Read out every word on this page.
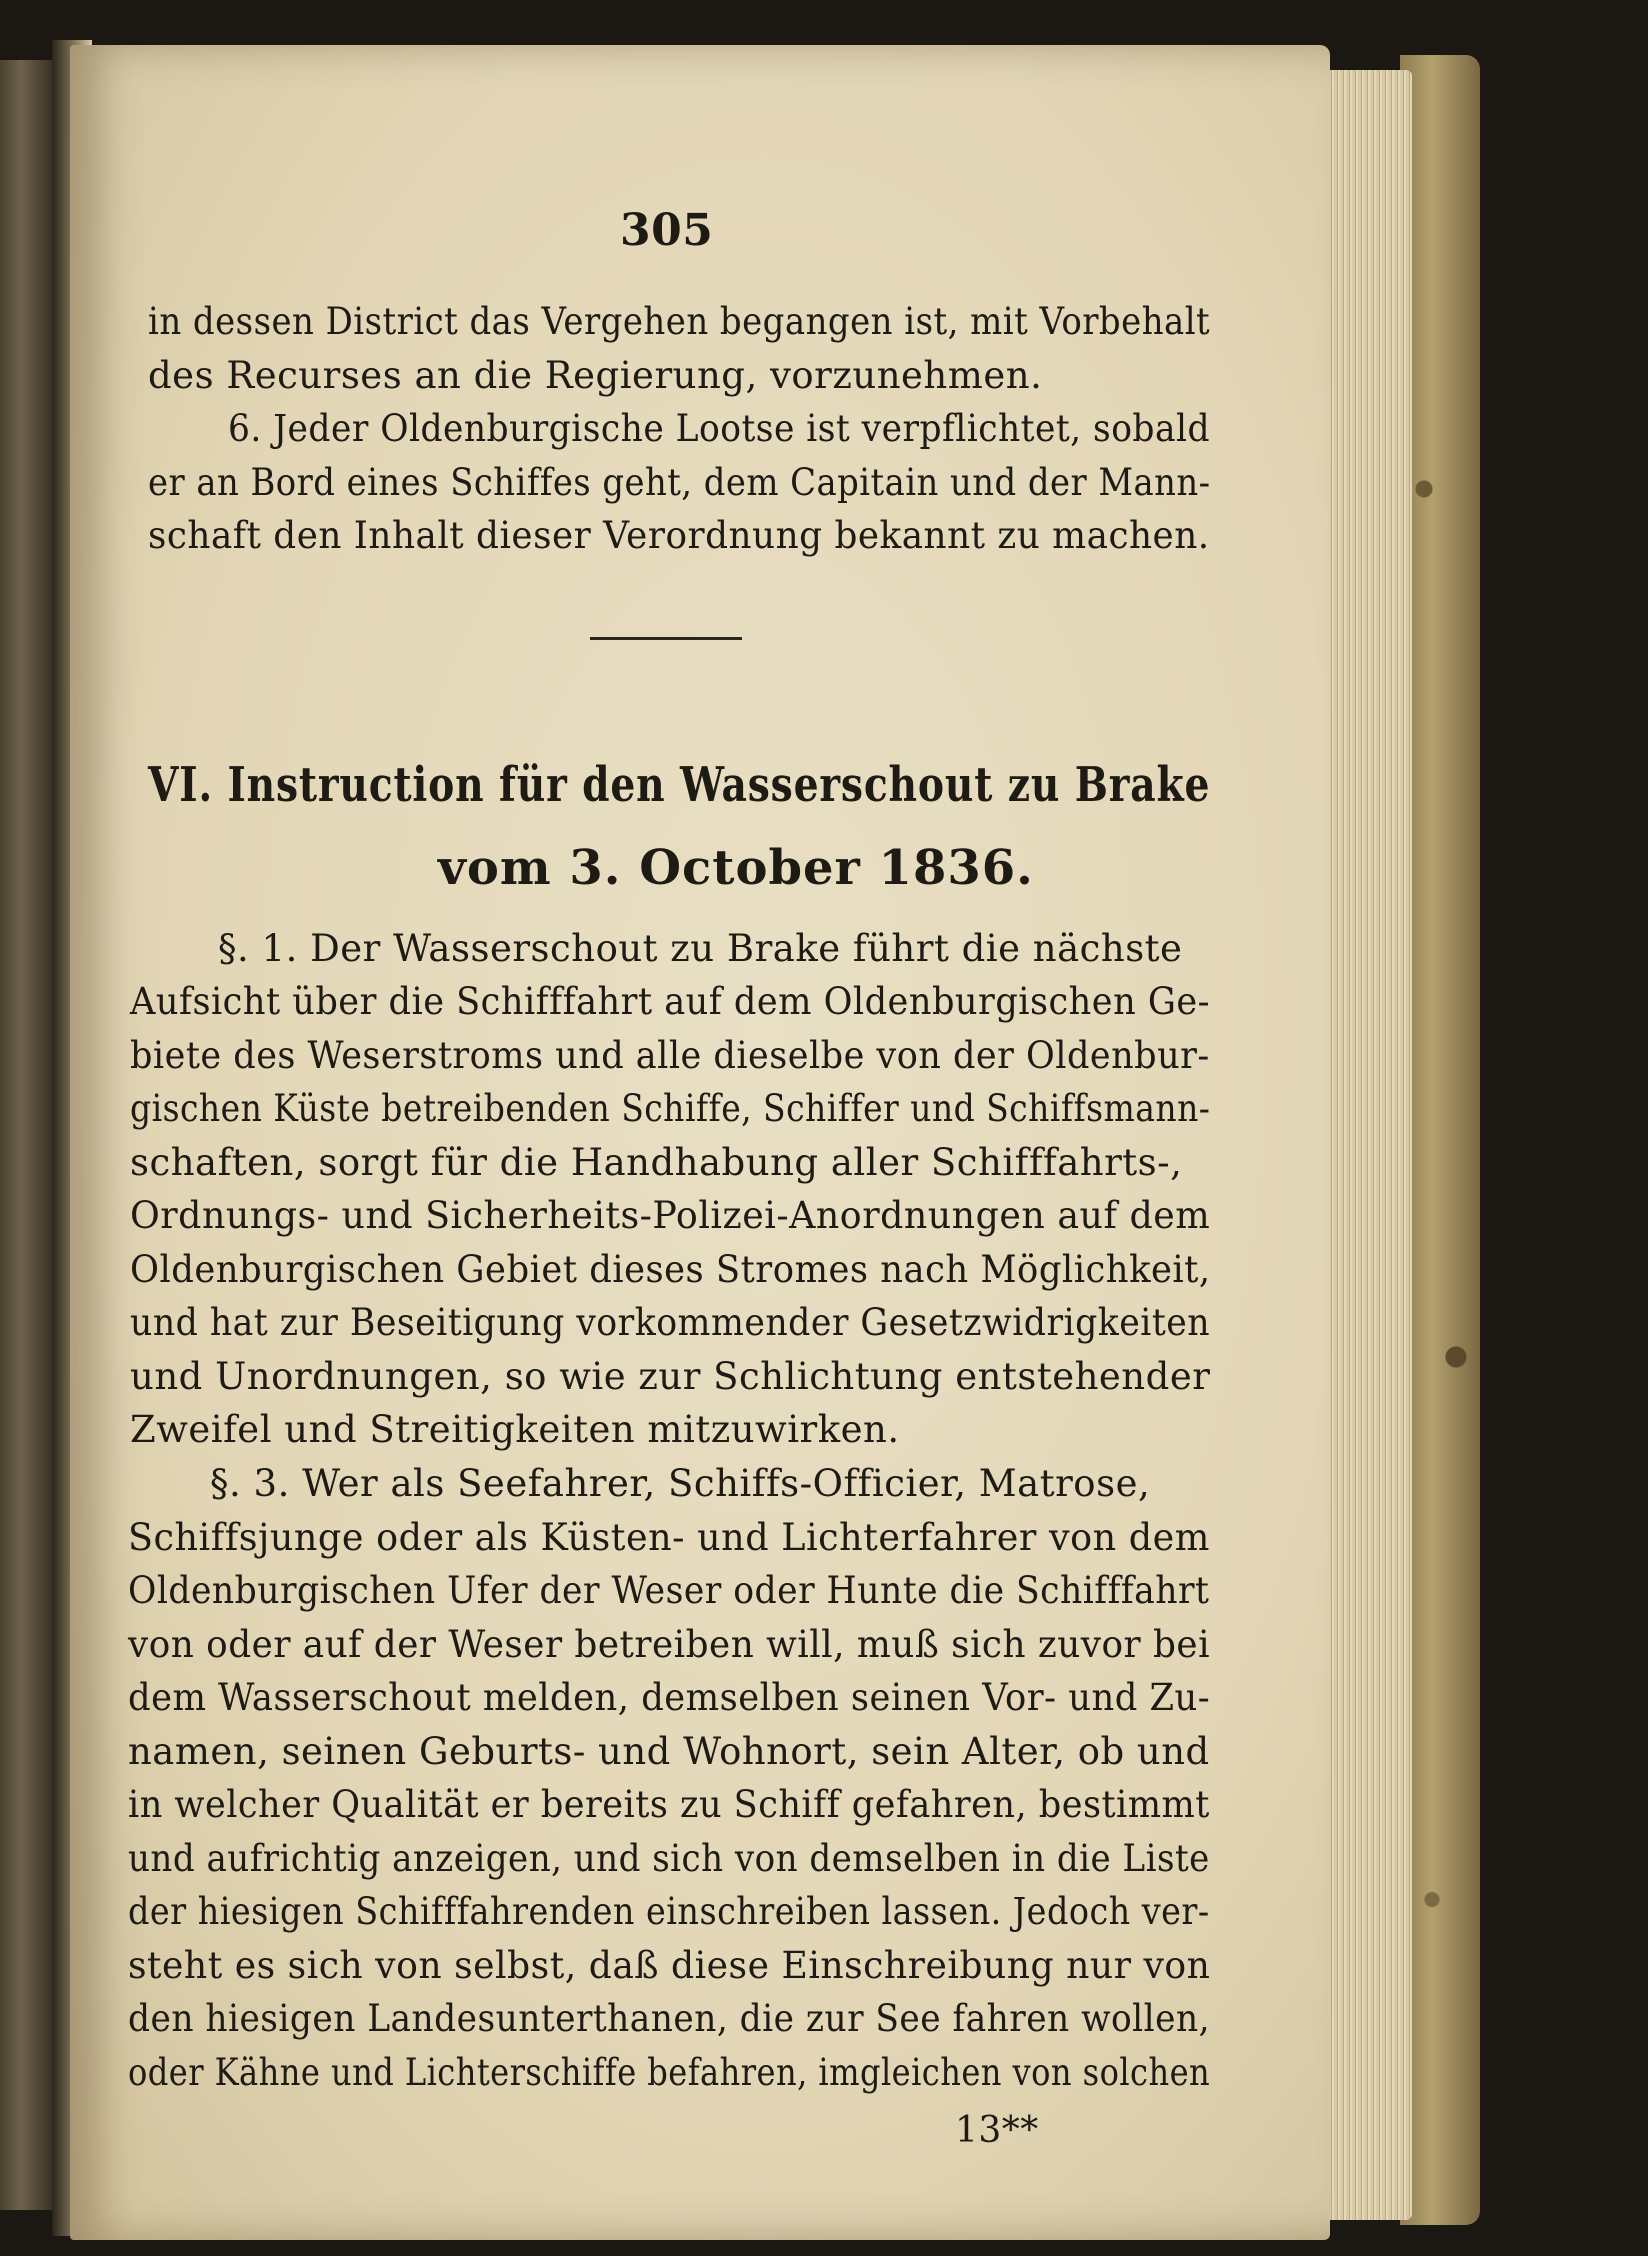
305
in dessen District das Vergehen begangen ist, mit Vorbehalt
des Recurses an die Regierung, vorzunehmen.
6. Jeder Oldenburgische Lootse ist verpflichtet, sobald
er an Bord eines Schiffes geht, dem Capitain und der Mann-
schaft den Inhalt dieser Verordnung bekannt zu machen.
VI. Instruction für den Wasserschout zu Brake
vom 3. October 1836.
§. 1. Der Wasserschout zu Brake führt die nächste
Aufsicht über die Schifffahrt auf dem Oldenburgischen Ge-
biete des Weserstroms und alle dieselbe von der Oldenbur-
gischen Küste betreibenden Schiffe, Schiffer und Schiffsmann-
schaften, sorgt für die Handhabung aller Schifffahrts-,
Ordnungs- und Sicherheits-Polizei-Anordnungen auf dem
Oldenburgischen Gebiet dieses Stromes nach Möglichkeit,
und hat zur Beseitigung vorkommender Gesetzwidrigkeiten
und Unordnungen, so wie zur Schlichtung entstehender
Zweifel und Streitigkeiten mitzuwirken.
§. 3. Wer als Seefahrer, Schiffs-Officier, Matrose,
Schiffsjunge oder als Küsten- und Lichterfahrer von dem
Oldenburgischen Ufer der Weser oder Hunte die Schifffahrt
von oder auf der Weser betreiben will, muß sich zuvor bei
dem Wasserschout melden, demselben seinen Vor- und Zu-
namen, seinen Geburts- und Wohnort, sein Alter, ob und
in welcher Qualität er bereits zu Schiff gefahren, bestimmt
und aufrichtig anzeigen, und sich von demselben in die Liste
der hiesigen Schifffahrenden einschreiben lassen. Jedoch ver-
steht es sich von selbst, daß diese Einschreibung nur von
den hiesigen Landesunterthanen, die zur See fahren wollen,
oder Kähne und Lichterschiffe befahren, imgleichen von solchen
13**
